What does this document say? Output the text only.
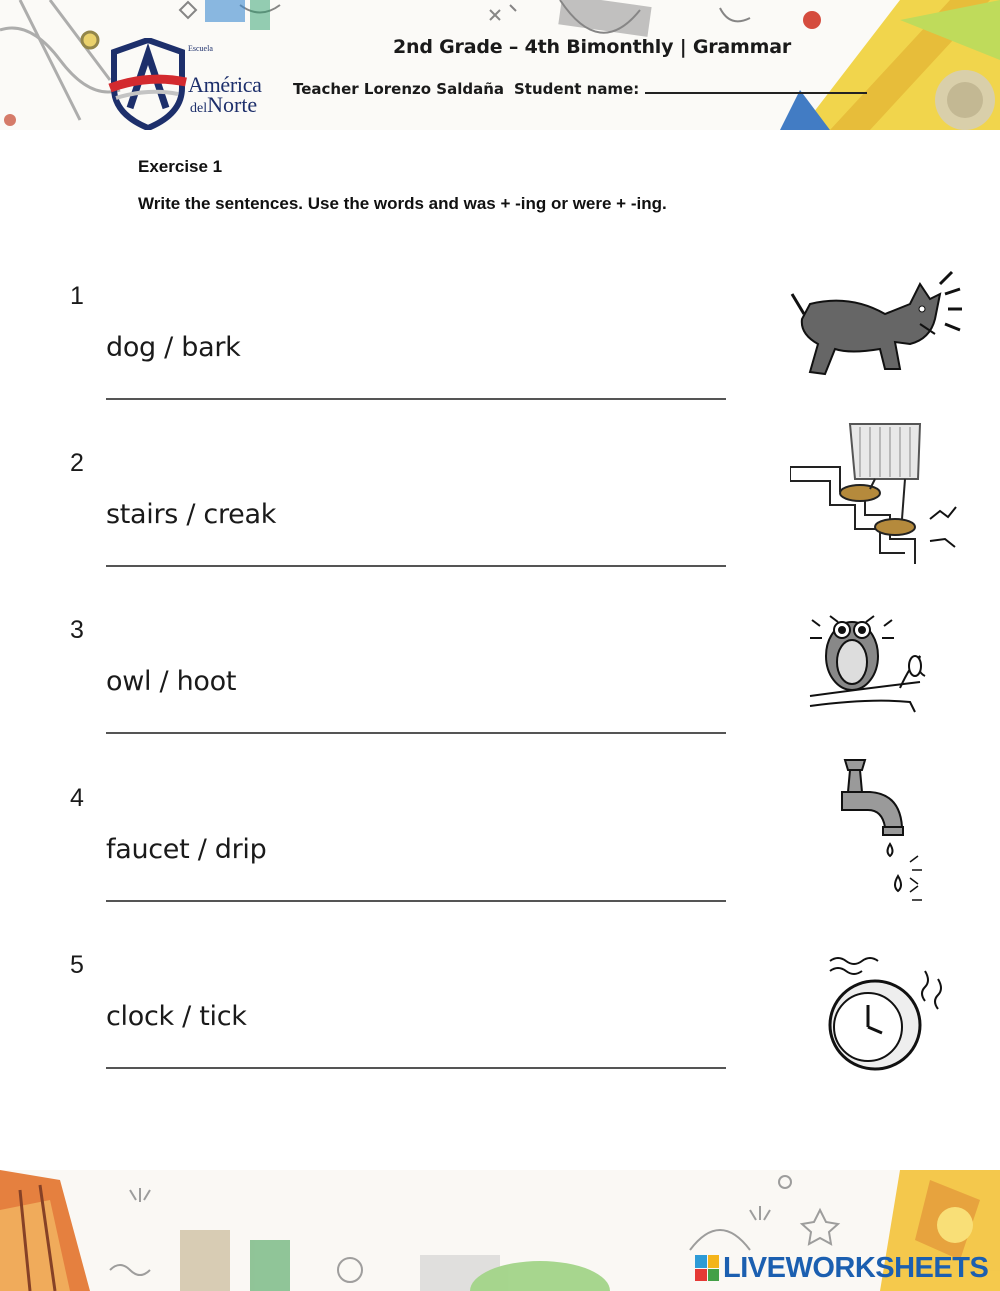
Escuela
América
delNorte
2nd Grade – 4th Bimonthly | Grammar
Teacher Lorenzo Saldaña Student name:
Exercise 1
Write the sentences. Use the words and was + -ing or were + -ing.
1
dog / bark
2
stairs / creak
3
owl / hoot
4
faucet / drip
5
clock / tick
LIVEWORKSHEETS
